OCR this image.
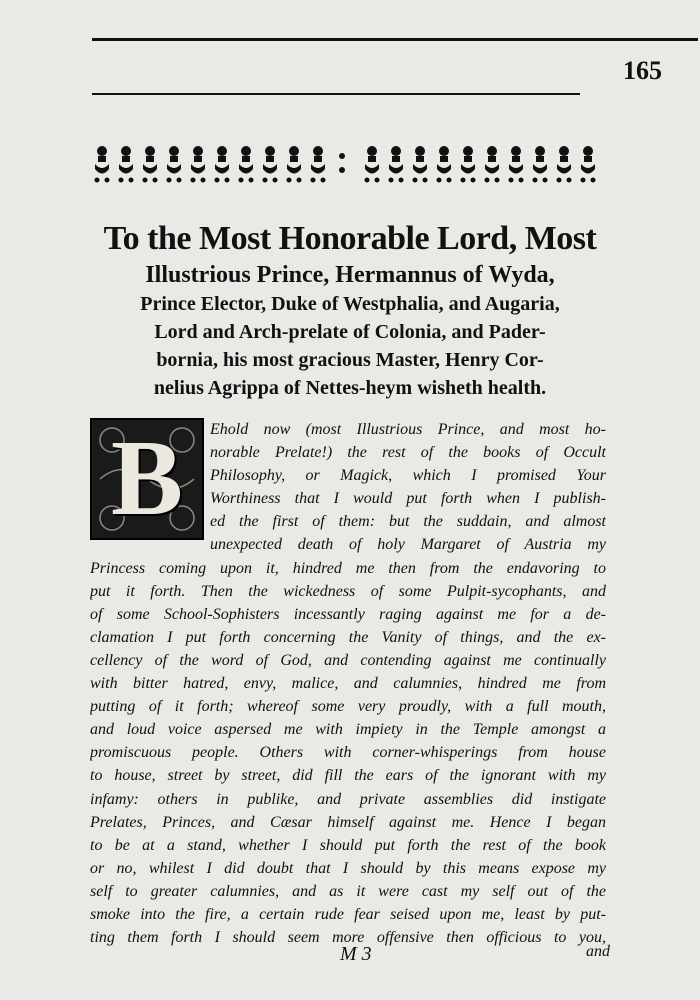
165
To the Most Honorable Lord, Most
Illustrious Prince, Hermannus of Wyda,
Prince Elector, Duke of Westphalia, and Augaria,
Lord and Arch-prelate of Colonia, and Pader-
bornia, his most gracious Master, Henry Cor-
nelius Agrippa of Nettes-heym wisheth health.
B	Ehold now (most Illustrious Prince, and most ho-
norable Prelate!) the rest of the books of Occult
Philosophy, or Magick, which I promised Your
Worthiness that I would put forth when I publish-
ed the first of them: but the suddain, and almost
unexpected death of holy Margaret of Austria my
Princess coming upon it, hindred me then from the endavoring to
put it forth. Then the wickedness of some Pulpit-sycophants, and
of some School-Sophisters incessantly raging against me for a de-
clamation I put forth concerning the Vanity of things, and the ex-
cellency of the word of God, and contending against me continually
with bitter hatred, envy, malice, and calumnies, hindred me from
putting of it forth; whereof some very proudly, with a full mouth,
and loud voice aspersed me with impiety in the Temple amongst a
promiscuous people. Others with corner-whisperings from house
to house, street by street, did fill the ears of the ignorant with my
infamy: others in publike, and private assemblies did instigate
Prelates, Princes, and Cæsar himself against me. Hence I began
to be at a stand, whether I should put forth the rest of the book
or no, whilest I did doubt that I should by this means expose my
self to greater calumnies, and as it were cast my self out of the
smoke into the fire, a certain rude fear seised upon me, least by put-
ting them forth I should seem more offensive then officious to you,
M 3	and
